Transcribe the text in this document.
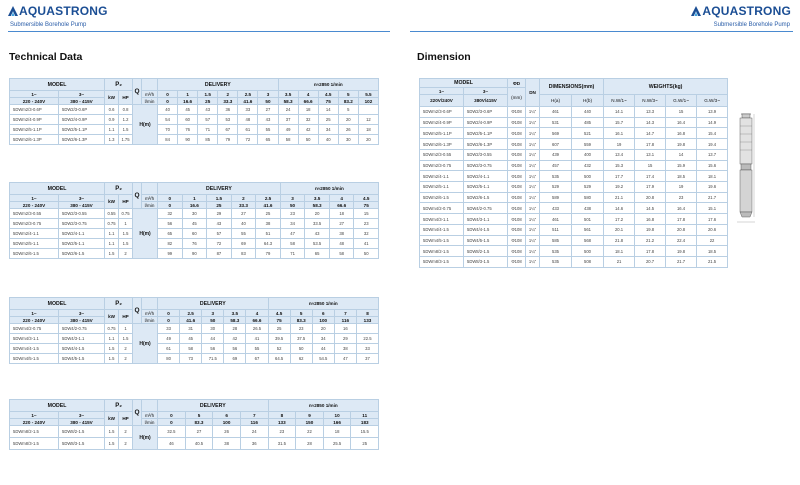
AQUASTRONG
Submersible Borehole Pump
AQUASTRONG
Submersible Borehole Pump
Technical Data	Dimension
MODEL	P₂	Q		DELIVERY	n≈2850 1/min
1~	3~	kW	HP	m³/h	0	1	1.5	2	2.5	3	3.5	4	4.5	5	5.5
220 - 240V	380 - 415V	l/min	0	16.6	25	33.3	41.6	50	58.3	66.6	75	83.2	102
5DWm2/3-0.6P	5DW2/3-0.6P	0.6	0.8	H(m)	40	45	43	36	33	27	24	18	14	5	
5DWm2/4-0.9P	5DW2/4-0.9P	0.9	1.2	54	60	57	53	48	43	37	32	25	20	12
5DWm2/5-1.1P	5DW2/5-1.1P	1.1	1.5	70	76	71	67	61	55	49	42	34	26	18
5DWm2/6-1.3P	5DW2/6-1.3P	1.3	1.75	84	90	85	79	72	65	58	50	40	30	20
MODEL	P₂	Q		DELIVERY	n≈2850 1/min
1~	3~	kW	HP	m³/h	0	1	1.5	2	2.5	3	3.5	4	4.5
220 - 240V	380 - 415V	l/min	0	16.6	25	33.3	41.6	50	58.3	66.6	75
5DWm2/3-0.55	5DW2/3-0.55	0.55	0.75	H(m)	32	30	29	27	25	23	20	18	15
5DWm2/3-0.75	5DW2/3-0.75	0.75	1	56	45	43	40	38	34	33.5	27	23
5DWm2/4-1.1	5DW2/4-1.1	1.1	1.5	65	60	57	55	51	47	43	38	32
5DWm2/5-1.1	5DW2/5-1.1	1.1	1.5	82	76	72	69	64.3	58	53.5	48	41
5DWm2/6-1.5	5DW2/6-1.5	1.5	2	99	90	87	83	79	71	65	58	50
MODEL	P₂	Q		DELIVERY	n≈2850 1/min
1~	3~	kW	HP	m³/h	0	2.5	3	3.5	4	4.5	5	6	7	8
220 - 240V	380 - 415V	l/min	0	41.6	50	58.3	66.6	75	83.3	100	116	133
5DWm4/2-0.75	5DW4/2-0.75	0.75	1	H(m)	33	31	30	28	26.5	25	23	20	16	
5DWm4/3-1.1	5DW4/3-1.1	1.1	1.5	49	45	44	42	41	39.5	37.5	34	29	22.5
5DWm4/4-1.5	5DW4/4-1.5	1.5	2	61	58	56	56	55	52	50	44	38	33
5DWm4/5-1.5	5DW4/5-1.5	1.5	2	80	73	71.5	69	67	64.5	62	54.5	47	37
MODEL	P₂	Q		DELIVERY	n≈2850 1/min
1~	3~	kW	HP	m³/h	0	5	6	7	8	9	10	11
220 - 240V	380 - 415V	l/min	0	83.3	100	116	133	150	166	183
5DWm8/2-1.5	5DW8/2-1.5	1.5	2	H(m)	32.5	27	26	24	23	22	18	15.5
5DWm8/3-1.5	5DW8/3-1.5	1.5	2	46	40.5	38	36	31.5	28	25.5	25
MODEL	ΦD	DN	DIMENSIONS(mm)	WEIGHTS(kg)
1~	3~	(mm)
220V/240V	380V/415V	H(a)	H(b)	N.W/1~	N.W/3~	G.W/1~	G.W/3~
5DWm2/3-0.6P	5DW2/3-0.6P	Φ108	1¼"	461	440	14.1	13.3	15	13.9
5DWm2/4-0.9P	5DW2/4-0.9P	Φ108	1¼"	531	485	15.7	14.3	16.4	14.9
5DWm2/5-1.1P	5DW2/5-1.1P	Φ108	1¼"	569	521	16.1	14.7	16.8	15.4
5DWm2/6-1.3P	5DW2/6-1.3P	Φ108	1¼"	607	559	19	17.8	19.8	19.4
5DWm2/3-0.55	5DW2/3-0.55	Φ108	1¼"	439	400	13.4	13.1	14	13.7
5DWm2/3-0.75	5DW2/3-0.75	Φ108	1¼"	457	432	15.3	15	15.9	15.6
5DWm2/4-1.1	5DW2/4-1.1	Φ108	1¼"	535	500	17.7	17.4	18.5	18.1
5DWm2/5-1.1	5DW2/5-1.1	Φ108	1¼"	529	529	19.2	17.9	19	19.6
5DWm2/6-1.5	5DW2/6-1.5	Φ108	1¼"	589	580	21.1	20.8	23	21.7
5DWm4/2-0.75	5DW4/2-0.75	Φ108	1¼"	433	438	14.6	14.5	16.4	15.1
5DWm4/3-1.1	5DW4/3-1.1	Φ108	1¼"	461	501	17.2	16.8	17.8	17.6
5DWm4/4-1.5	5DW4/4-1.5	Φ108	1¼"	511	561	20.1	19.8	20.8	20.6
5DWm4/5-1.5	5DW4/5-1.5	Φ108	1¼"	585	568	21.8	21.2	22.4	22
5DWm8/2-1.5	5DW8/2-1.5	Φ108	1¼"	535	500	18.1	17.8	19.8	18.5
5DWm8/3-1.5	5DW8/3-1.5	Φ108	1¼"	535	508	21	20.7	21.7	21.5
